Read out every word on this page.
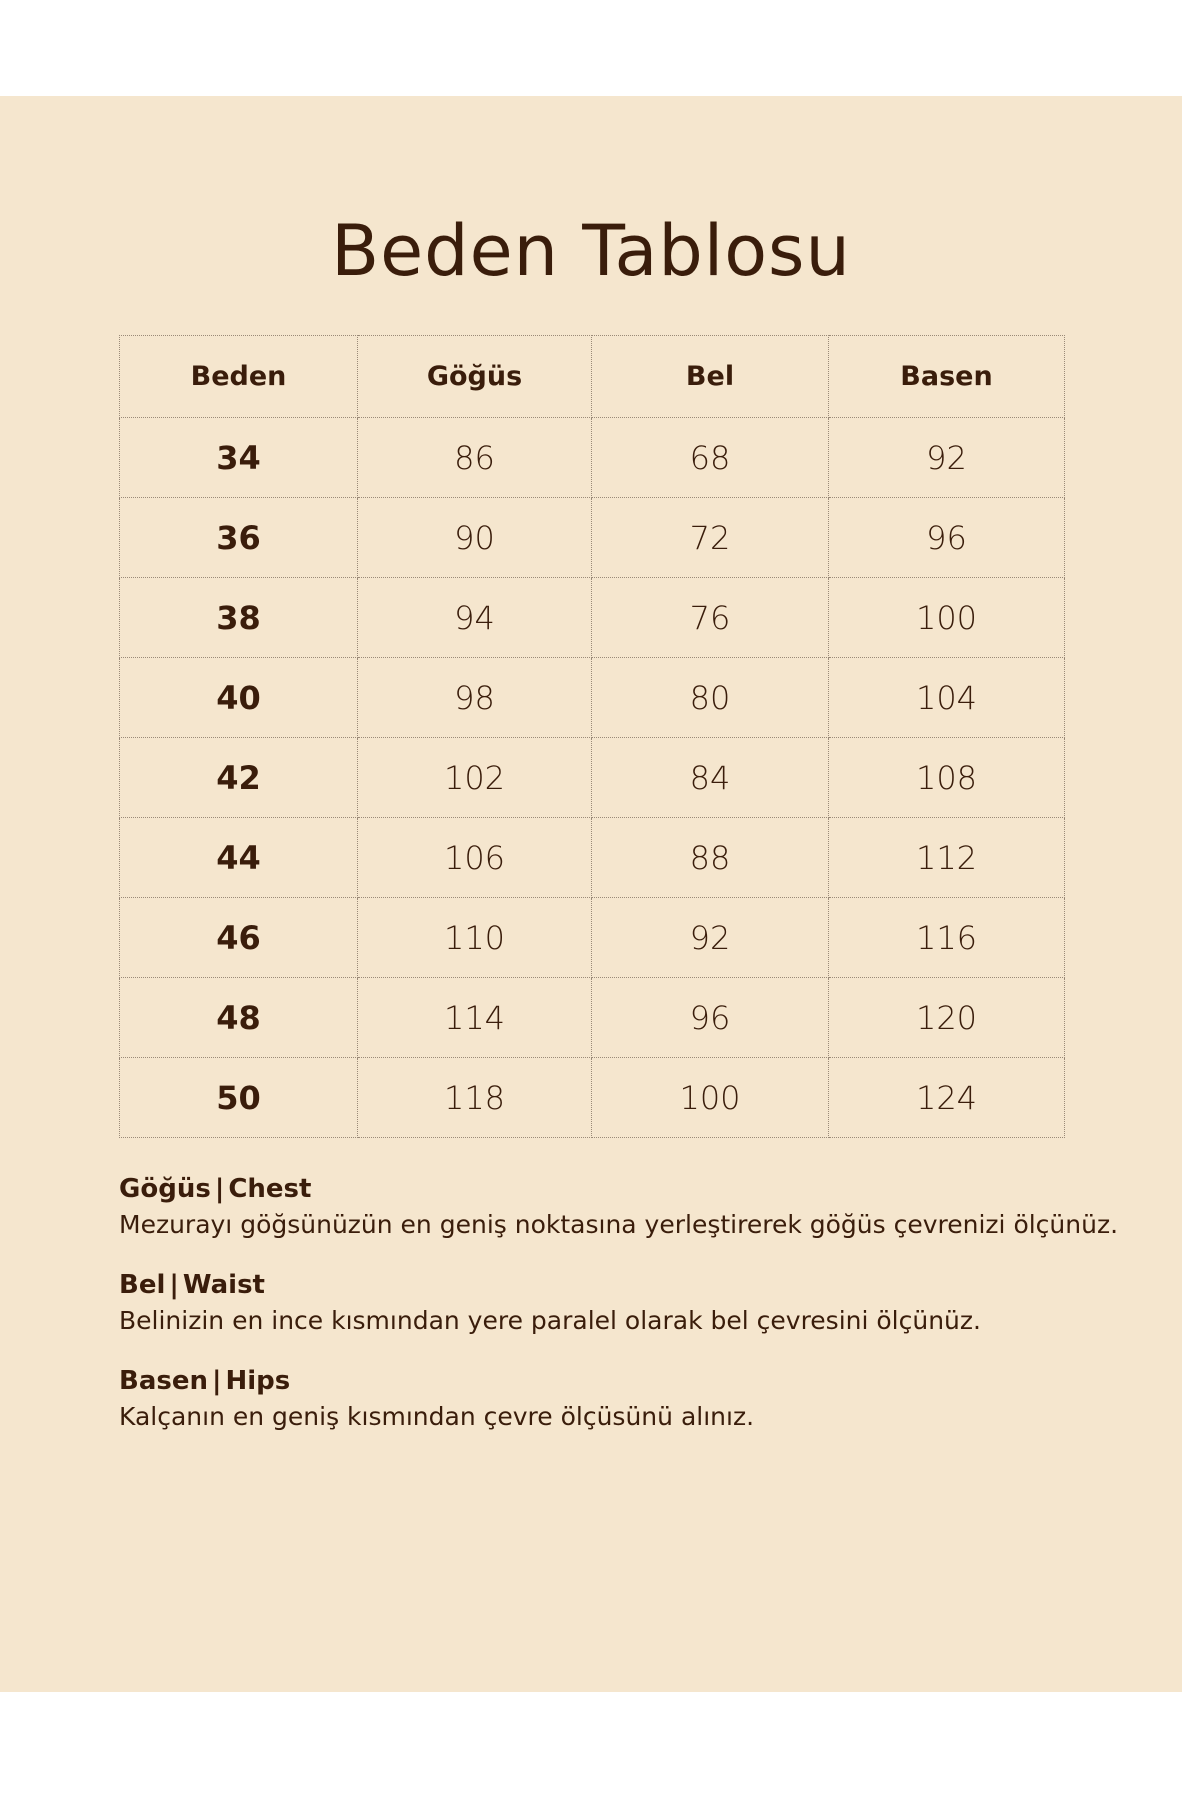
Beden Tablosu
Beden	Göğüs	Bel	Basen
34	86	68	92
36	90	72	96
38	94	76	100
40	98	80	104
42	102	84	108
44	106	88	112
46	110	92	116
48	114	96	120
50	118	100	124
Göğüs | Chest
Mezurayı göğsünüzün en geniş noktasına yerleştirerek göğüs çevrenizi ölçünüz.
Bel | Waist
Belinizin en ince kısmından yere paralel olarak bel çevresini ölçünüz.
Basen | Hips
Kalçanın en geniş kısmından çevre ölçüsünü alınız.
